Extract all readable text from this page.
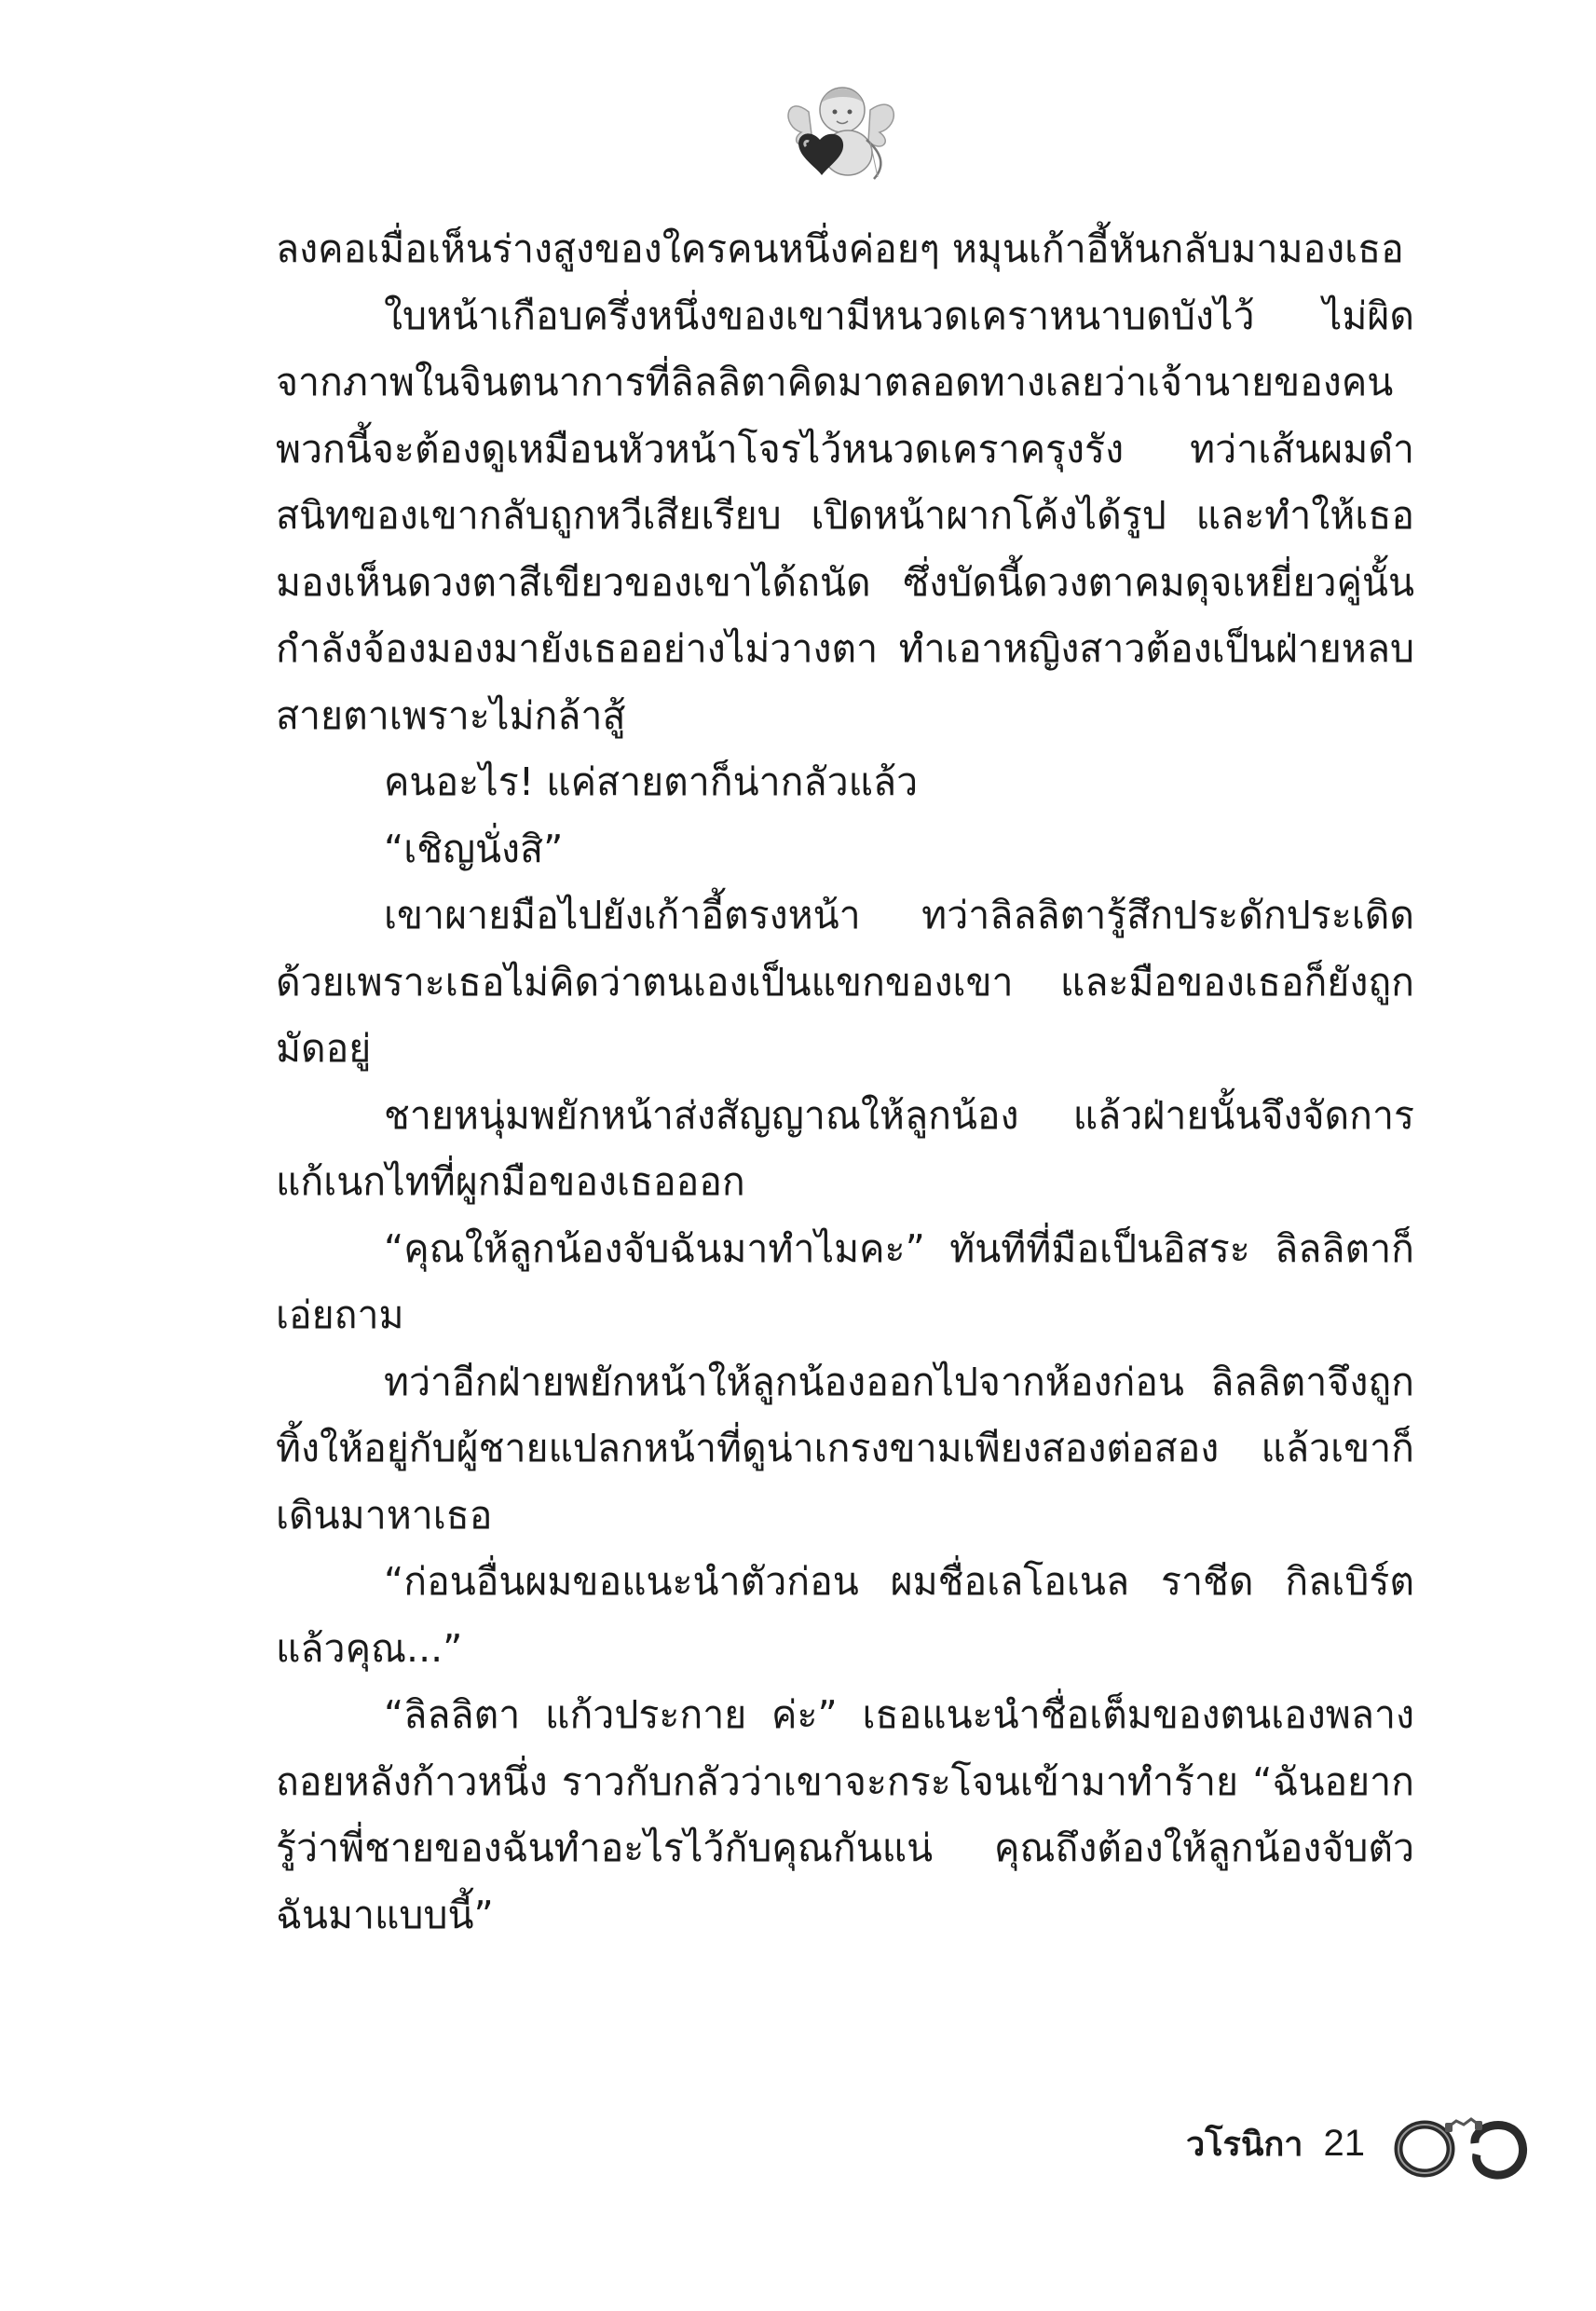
ลงคอเมื่อเห็นร่างสูงของใครคนหนึ่งค่อยๆ หมุนเก้าอี้หันกลับมามองเธอ

ใบหน้าเกือบครึ่งหนึ่งของเขามีหนวดเคราหนาบดบังไว้ ไม่ผิดจากภาพในจินตนาการที่ลิลลิตาคิดมาตลอดทางเลยว่าเจ้านายของคนพวกนี้จะต้องดูเหมือนหัวหน้าโจรไว้หนวดเคราครุงรัง ทว่าเส้นผมดำสนิทของเขากลับถูกหวีเสียเรียบ เปิดหน้าผากโค้งได้รูป และทำให้เธอมองเห็นดวงตาสีเขียวของเขาได้ถนัด ซึ่งบัดนี้ดวงตาคมดุจเหยี่ยวคู่นั้นกำลังจ้องมองมายังเธออย่างไม่วางตา ทำเอาหญิงสาวต้องเป็นฝ่ายหลบสายตาเพราะไม่กล้าสู้

คนอะไร! แค่สายตาก็น่ากลัวแล้ว

“เชิญนั่งสิ”

เขาผายมือไปยังเก้าอี้ตรงหน้า ทว่าลิลลิตารู้สึกประดักประเดิดด้วยเพราะเธอไม่คิดว่าตนเองเป็นแขกของเขา และมือของเธอก็ยังถูกมัดอยู่

ชายหนุ่มพยักหน้าส่งสัญญาณให้ลูกน้อง แล้วฝ่ายนั้นจึงจัดการแก้เนกไทที่ผูกมือของเธอออก

“คุณให้ลูกน้องจับฉันมาทำไมคะ” ทันทีที่มือเป็นอิสระ ลิลลิตาก็เอ่ยถาม

ทว่าอีกฝ่ายพยักหน้าให้ลูกน้องออกไปจากห้องก่อน ลิลลิตาจึงถูกทิ้งให้อยู่กับผู้ชายแปลกหน้าที่ดูน่าเกรงขามเพียงสองต่อสอง แล้วเขาก็เดินมาหาเธอ

“ก่อนอื่นผมขอแนะนำตัวก่อน ผมชื่อเลโอเนล ราชีด กิลเบิร์ตแล้วคุณ...”

“ลิลลิตา แก้วประกาย ค่ะ” เธอแนะนำชื่อเต็มของตนเองพลางถอยหลังก้าวหนึ่ง ราวกับกลัวว่าเขาจะกระโจนเข้ามาทำร้าย “ฉันอยากรู้ว่าพี่ชายของฉันทำอะไรไว้กับคุณกันแน่ คุณถึงต้องให้ลูกน้องจับตัวฉันมาแบบนี้”

วโรนิกา 21
